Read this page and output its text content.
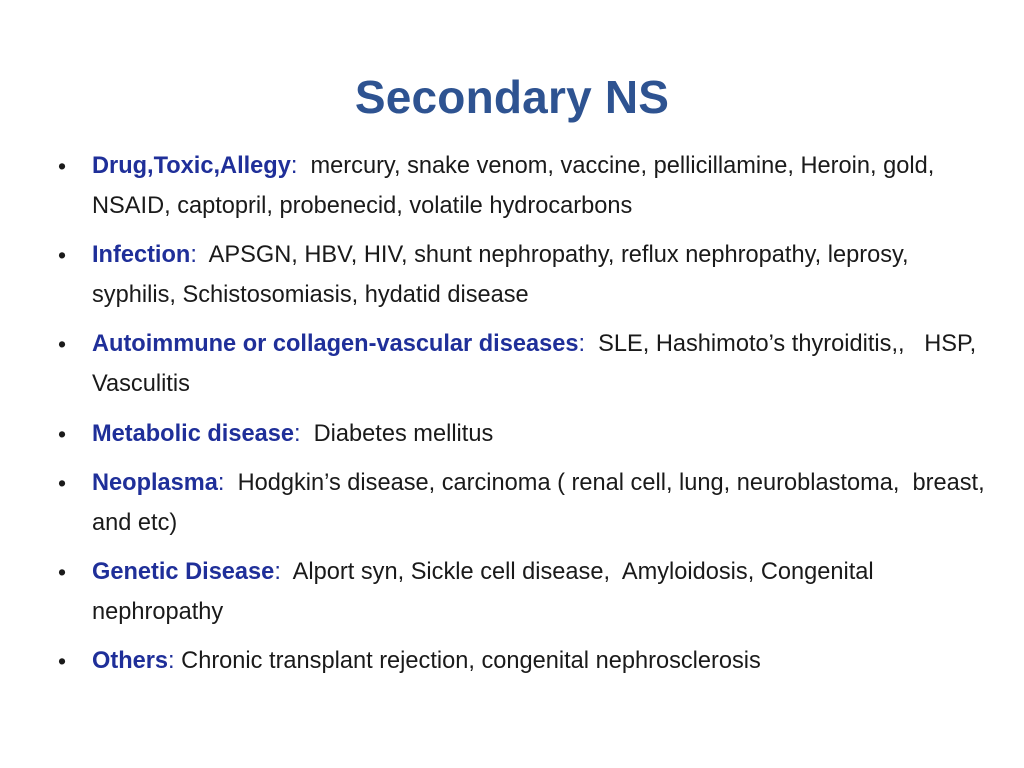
Secondary NS
•	Drug,Toxic,Allegy:  mercury, snake venom, vaccine, pellicillamine, Heroin, gold, NSAID, captopril, probenecid, volatile hydrocarbons
•	Infection:  APSGN, HBV, HIV, shunt nephropathy, reflux nephropathy, leprosy,  syphilis, Schistosomiasis, hydatid disease
•	Autoimmune or collagen-vascular diseases:  SLE, Hashimoto’s thyroiditis,,   HSP, Vasculitis
•	Metabolic disease:  Diabetes mellitus
•	Neoplasma:  Hodgkin’s disease, carcinoma ( renal cell, lung, neuroblastoma,  breast, and etc)
•	Genetic Disease:  Alport syn, Sickle cell disease,  Amyloidosis, Congenital nephropathy
•	Others: Chronic transplant rejection, congenital nephrosclerosis
